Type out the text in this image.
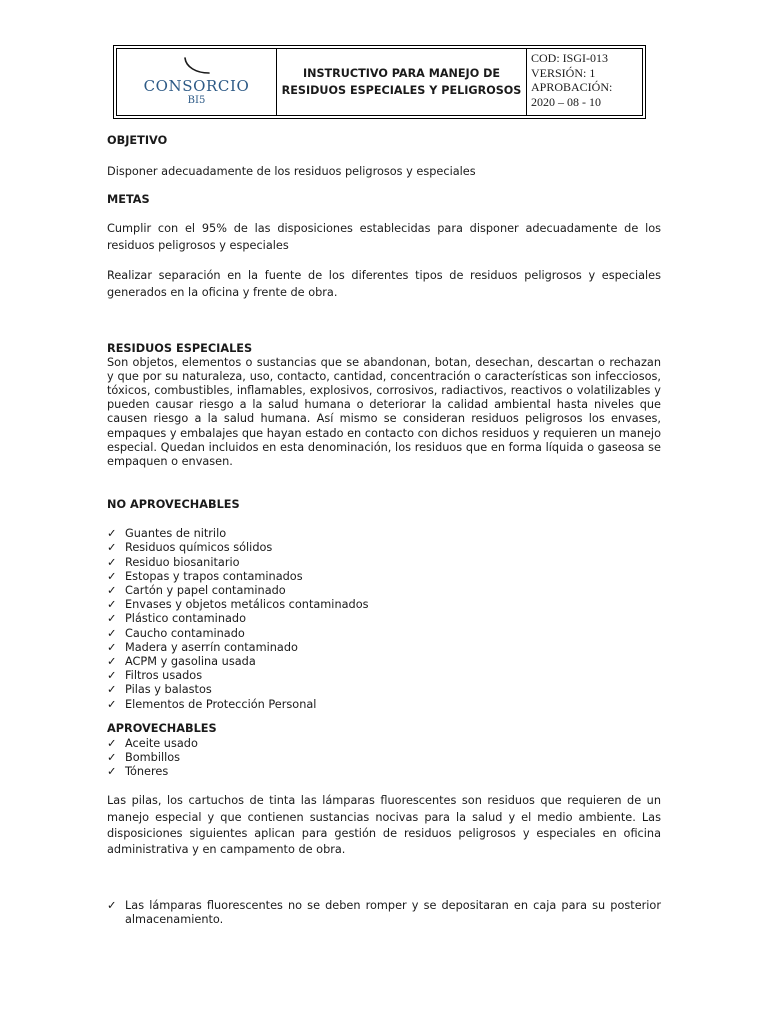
CONSORCIO
BI5
INSTRUCTIVO PARA MANEJO DE
RESIDUOS ESPECIALES Y PELIGROSOS
COD: ISGI-013
VERSIÓN: 1
APROBACIÓN:
2020 – 08 - 10
OBJETIVO
Disponer adecuadamente de los residuos peligrosos y especiales
METAS
Cumplir con el 95% de las disposiciones establecidas para disponer adecuadamente de los residuos peligrosos y especiales
Realizar separación en la fuente de los diferentes tipos de residuos peligrosos y especiales generados en la oficina y frente de obra.
RESIDUOS ESPECIALES
Son objetos, elementos o sustancias que se abandonan, botan, desechan, descartan o rechazan y que por su naturaleza, uso, contacto, cantidad, concentración o características son infecciosos, tóxicos, combustibles, inflamables, explosivos, corrosivos, radiactivos, reactivos o volatilizables y pueden causar riesgo a la salud humana o deteriorar la calidad ambiental hasta niveles que causen riesgo a la salud humana. Así mismo se consideran residuos peligrosos los envases, empaques y embalajes que hayan estado en contacto con dichos residuos y requieren un manejo especial. Quedan incluidos en esta denominación, los residuos que en forma líquida o gaseosa se empaquen o envasen.
NO APROVECHABLES
✓ Guantes de nitrilo
✓ Residuos químicos sólidos
✓ Residuo biosanitario
✓ Estopas y trapos contaminados
✓ Cartón y papel contaminado
✓ Envases y objetos metálicos contaminados
✓ Plástico contaminado
✓ Caucho contaminado
✓ Madera y aserrín contaminado
✓ ACPM y gasolina usada
✓ Filtros usados
✓ Pilas y balastos
✓ Elementos de Protección Personal
APROVECHABLES
✓ Aceite usado
✓ Bombillos
✓ Tóneres
Las pilas, los cartuchos de tinta las lámparas fluorescentes son residuos que requieren de un manejo especial y que contienen sustancias nocivas para la salud y el medio ambiente. Las disposiciones siguientes aplican para gestión de residuos peligrosos y especiales en oficina administrativa y en campamento de obra.
✓ Las lámparas fluorescentes no se deben romper y se depositaran en caja para su posterior almacenamiento.
